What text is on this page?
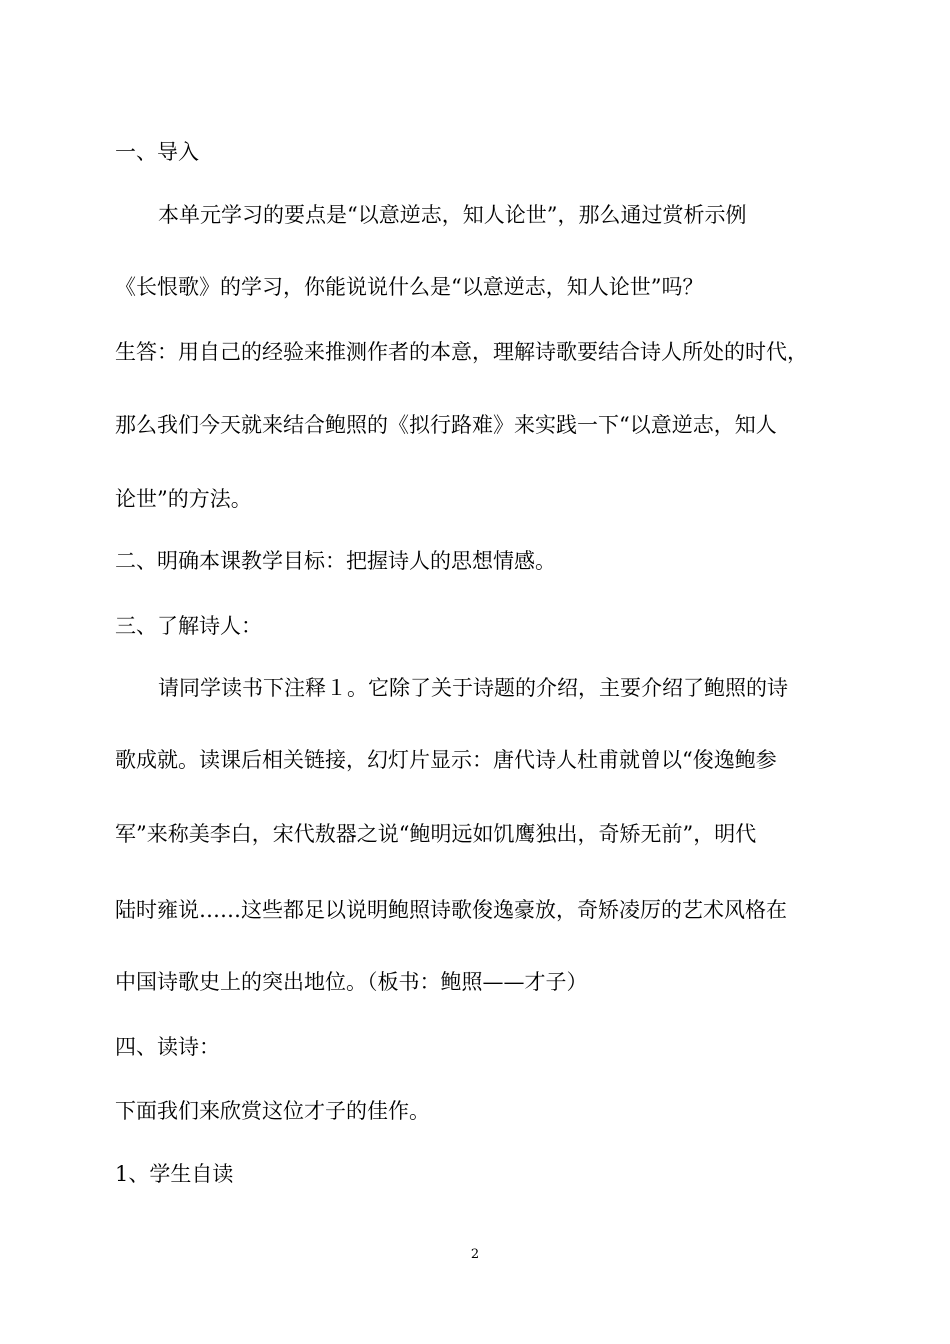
一、导入
本单元学习的要点是“以意逆志，知人论世”，那么通过赏析示例
《长恨歌》的学习，你能说说什么是“以意逆志，知人论世”吗？
生答：用自己的经验来推测作者的本意，理解诗歌要结合诗人所处的时代，
那么我们今天就来结合鲍照的《拟行路难》来实践一下“以意逆志，知人
论世”的方法。
二、明确本课教学目标：把握诗人的思想情感。
三、了解诗人：
请同学读书下注释１。它除了关于诗题的介绍，主要介绍了鲍照的诗
歌成就。读课后相关链接，幻灯片显示：唐代诗人杜甫就曾以“俊逸鲍参
军”来称美李白，宋代敖器之说“鲍明远如饥鹰独出，奇矫无前”，明代
陆时雍说……这些都足以说明鲍照诗歌俊逸豪放，奇矫凌厉的艺术风格在
中国诗歌史上的突出地位。（板书：鲍照——才子）
四、读诗：
下面我们来欣赏这位才子的佳作。
1、学生自读
2
